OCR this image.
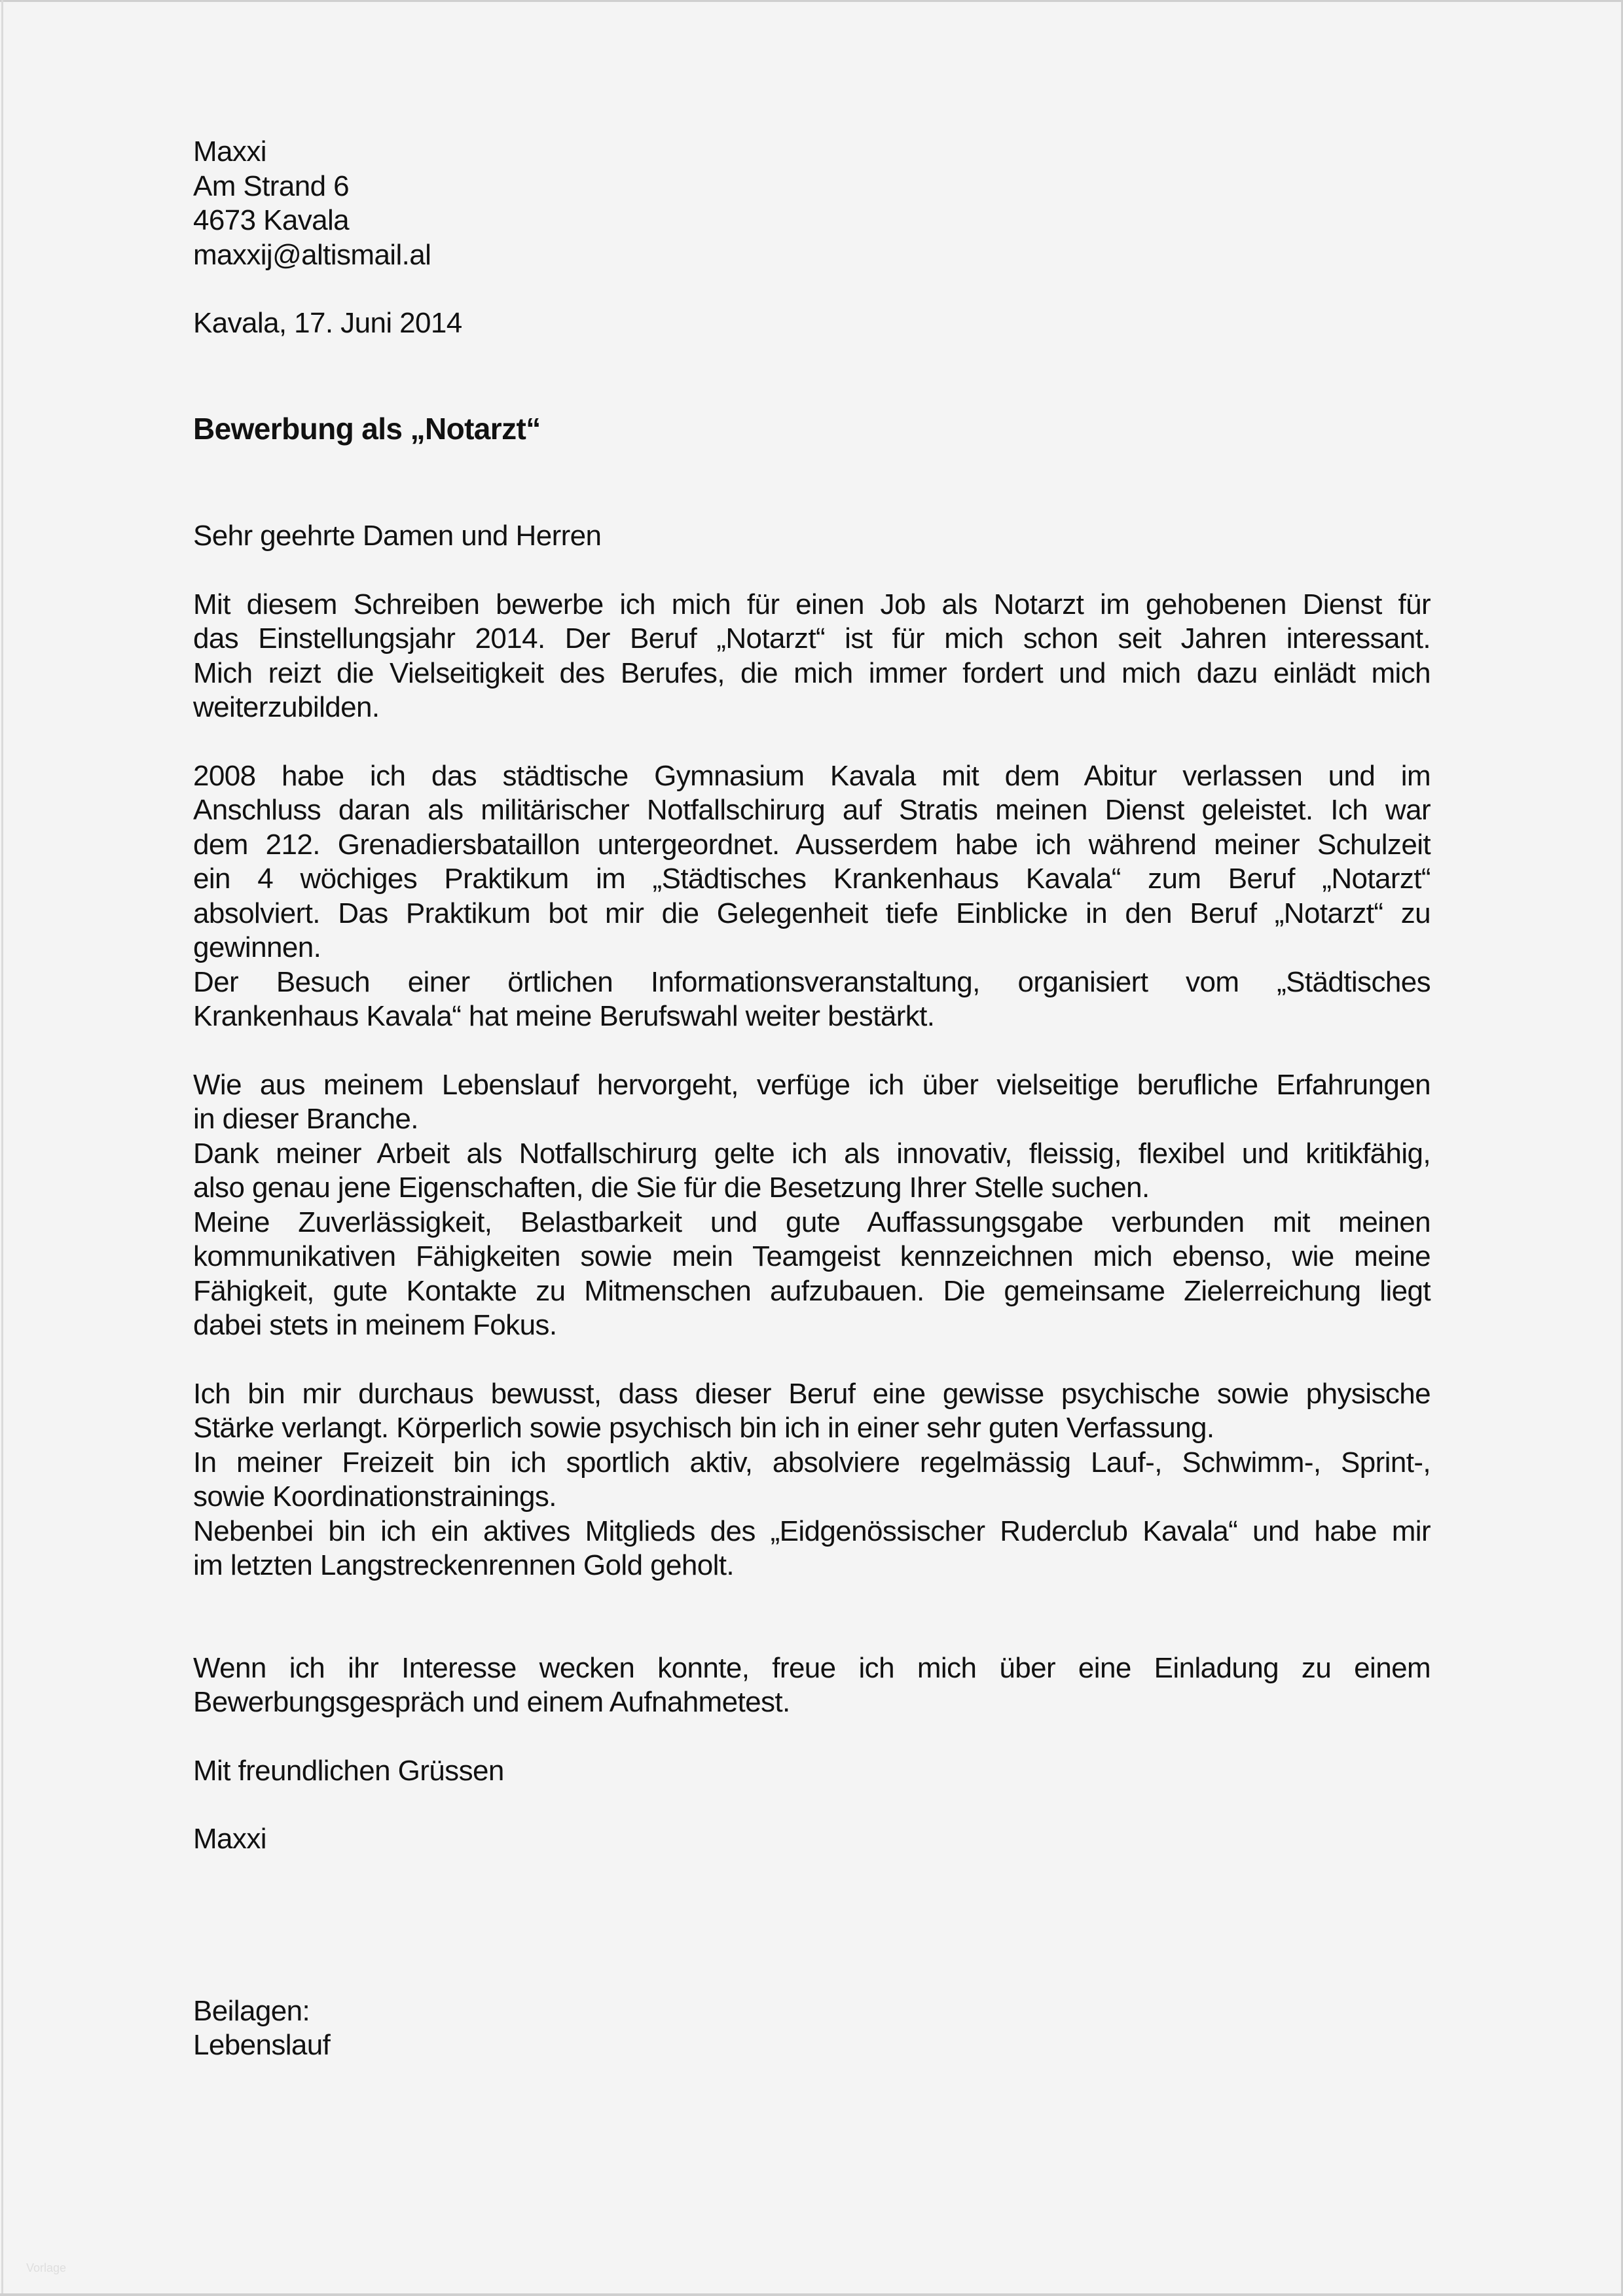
Maxxi
Am Strand 6
4673 Kavala
maxxij@altismail.al
Kavala, 17. Juni 2014
Bewerbung als „Notarzt“
Sehr geehrte Damen und Herren
Mit diesem Schreiben bewerbe ich mich für einen Job als Notarzt im gehobenen Dienst für
das Einstellungsjahr 2014. Der Beruf „Notarzt“ ist für mich schon seit Jahren interessant.
Mich reizt die Vielseitigkeit des Berufes, die mich immer fordert und mich dazu einlädt mich
weiterzubilden.
2008 habe ich das städtische Gymnasium Kavala mit dem Abitur verlassen und im
Anschluss daran als militärischer Notfallschirurg auf Stratis meinen Dienst geleistet. Ich war
dem 212. Grenadiersbataillon untergeordnet. Ausserdem habe ich während meiner Schulzeit
ein 4 wöchiges Praktikum im „Städtisches Krankenhaus Kavala“ zum Beruf „Notarzt“
absolviert. Das Praktikum bot mir die Gelegenheit tiefe Einblicke in den Beruf „Notarzt“ zu
gewinnen.
Der Besuch einer örtlichen Informationsveranstaltung, organisiert vom „Städtisches
Krankenhaus Kavala“ hat meine Berufswahl weiter bestärkt.
Wie aus meinem Lebenslauf hervorgeht, verfüge ich über vielseitige berufliche Erfahrungen
in dieser Branche.
Dank meiner Arbeit als Notfallschirurg gelte ich als innovativ, fleissig, flexibel und kritikfähig,
also genau jene Eigenschaften, die Sie für die Besetzung Ihrer Stelle suchen.
Meine Zuverlässigkeit, Belastbarkeit und gute Auffassungsgabe verbunden mit meinen
kommunikativen Fähigkeiten sowie mein Teamgeist kennzeichnen mich ebenso, wie meine
Fähigkeit, gute Kontakte zu Mitmenschen aufzubauen. Die gemeinsame Zielerreichung liegt
dabei stets in meinem Fokus.
Ich bin mir durchaus bewusst, dass dieser Beruf eine gewisse psychische sowie physische
Stärke verlangt. Körperlich sowie psychisch bin ich in einer sehr guten Verfassung.
In meiner Freizeit bin ich sportlich aktiv, absolviere regelmässig Lauf-, Schwimm-, Sprint-,
sowie Koordinationstrainings.
Nebenbei bin ich ein aktives Mitglieds des „Eidgenössischer Ruderclub Kavala“ und habe mir
im letzten Langstreckenrennen Gold geholt.
Wenn ich ihr Interesse wecken konnte, freue ich mich über eine Einladung zu einem
Bewerbungsgespräch und einem Aufnahmetest.
Mit freundlichen Grüssen
Maxxi
Beilagen:
Lebenslauf
Vorlage
